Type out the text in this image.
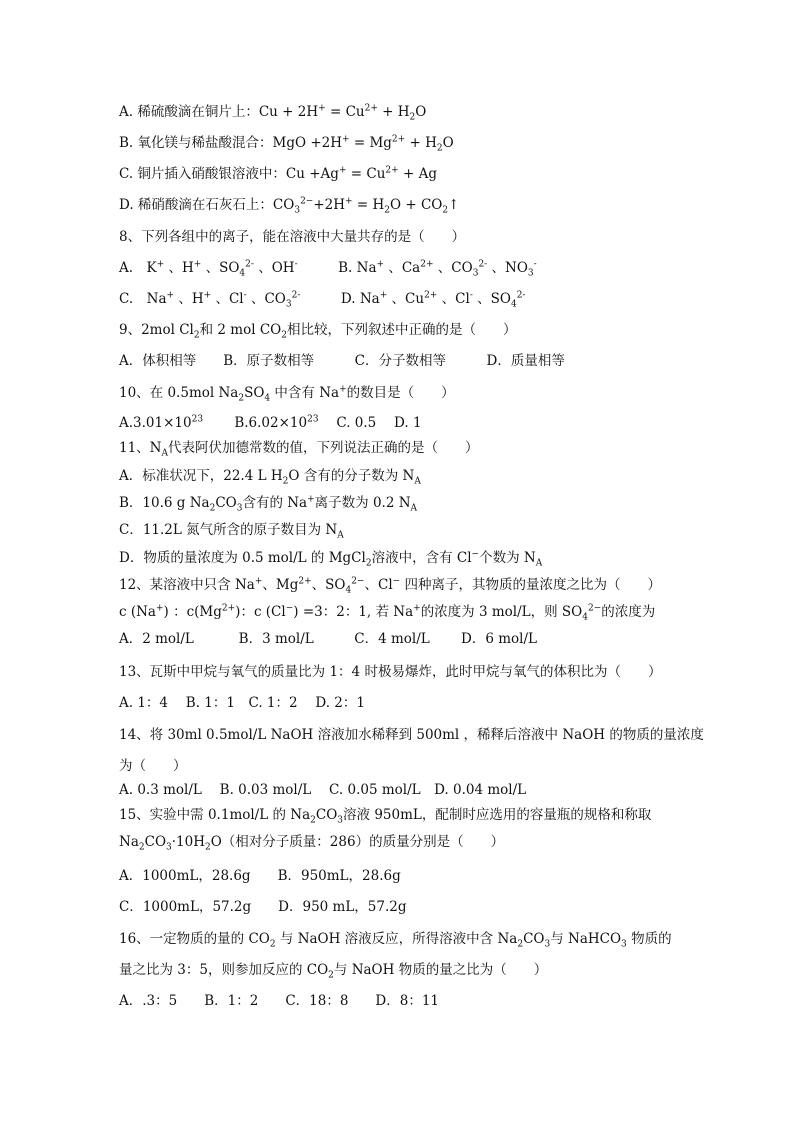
A. 稀硫酸滴在铜片上：$Cu + 2H^+ = Cu^{2+} + H_2O$
B. 氧化镁与稀盐酸混合：MgO $+2H^+ = Mg^{2+} + H_2O$
C. 铜片插入硝酸银溶液中：$Cu +Ag^+ = Cu^{2+} + Ag$
D. 稀硝酸滴在石灰石上：$CO_3^{2-}+2H^+ = H_2O$ + $CO_2↑$
8、下列各组中的离子，能在溶液中大量共存的是（　　）
A.　K+ 、H+ 、$SO_4^{2-}$ 、OH-　　　B. Na+ 、$Ca^{2+}$ 、$CO_3^{2-}$ 、$NO_3^-$
C.　Na+ 、H+ 、Cl- 、$CO_3^{2-}$　　　D. Na+ 、$Cu^{2+}$ 、Cl- 、$SO_4^{2-}$
9、2mol $Cl_2$和 2 mol $CO_2$相比较，下列叙述中正确的是（　　）
A．体积相等　　B．原子数相等　　　C．分子数相等　　　D．质量相等
10、在 0.5mol $Na_2SO_4$ 中含有 Na+的数目是（　　）
$A.3.01\times 10^{23}$　　 $B.6.02\times 10^{23}$　 C. 0.5　 D. 1
11、$N_A$代表阿伏加德常数的值，下列说法正确的是（　　）
A．标准状况下，22.4 L $H_2O$ 含有的分子数为 $N_A$
B．10.6 g $Na_2CO_3$含有的 Na+离子数为 0.2 $N_A$
C．11.2L 氮气所含的原子数目为 $N_A$
D．物质的量浓度为 0.5 mol/L 的 MgCl$_2$溶液中，含有 Cl−个数为 $N_A$
12、某溶液中只含 Na+、$Mg^{2+}$、$SO_4^{2-}$、Cl− 四种离子，其物质的量浓度之比为（　　）
c (Na+) ：$c(Mg^{2+})$：c (Cl−) =3：2：1, 若 Na+的浓度为 3 mol/L，则 $SO_4^{2-}$的浓度为
A．2 mol/L　　　 B．3 mol/L　　　C．4 mol/L　　 D．6 mol/L
13、瓦斯中甲烷与氧气的质量比为 1：4 时极易爆炸，此时甲烷与氧气的体积比为（　　）
A. 1：4　 B. 1：1　C. 1：2　 D. 2：1
14、将 30ml 0.5mol/L NaOH 溶液加水稀释到 500ml ，稀释后溶液中 NaOH 的物质的量浓度
为（　　）
A. 0.3 mol/L　 B. 0.03 mol/L　 C. 0.05 mol/L　D. 0.04 mol/L
15、实验中需 0.1mol/L 的 $Na_2CO_3$溶液 950mL，配制时应选用的容量瓶的规格和称取
$Na_2CO_3\cdot 10H_2O$（相对分子质量：286）的质量分别是（　　）
A．1000mL，28.6g　　B．950mL，28.6g
C．1000mL，57.2g　　D．950 mL，57.2g
16、一定物质的量的 $CO_2$ 与 NaOH 溶液反应，所得溶液中含 $Na_2CO_3$与 NaHCO$_3$ 物质的
量之比为 3：5，则参加反应的 $CO_2$与 NaOH 物质的量之比为（　　）
A．.3：5　　B．1：2　　C．18：8　　D．8：11
